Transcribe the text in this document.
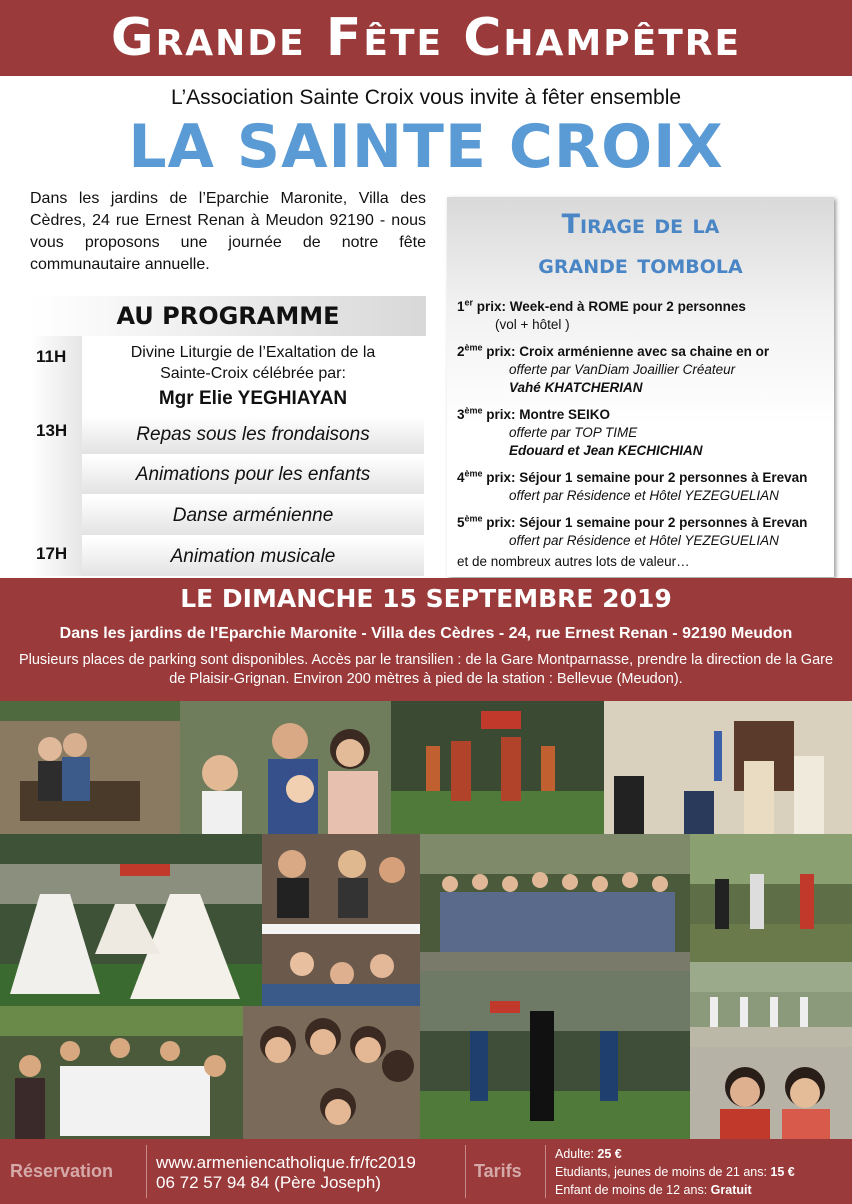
Grande Fête Champêtre
L’Association Sainte Croix vous invite à fêter ensemble
LA SAINTE CROIX
Dans les jardins de l’Eparchie Maronite, Villa des Cèdres, 24 rue Ernest Renan à Meudon 92190 - nous vous proposons une journée de notre fête communautaire annuelle.
AU PROGRAMME
11H
13H
17H
Divine Liturgie de l’Exaltation de la
Sainte-Croix célébrée par:
Mgr Elie YEGHIAYAN
Repas sous les frondaisons
Animations pour les enfants
Danse arménienne
Animation musicale
Tirage de la
grande tombola
1er prix: Week-end à ROME pour 2 personnes
(vol + hôtel )
2ème prix: Croix arménienne avec sa chaine en or
offerte par VanDiam Joaillier Créateur
Vahé KHATCHERIAN
3ème prix: Montre SEIKO
offerte par TOP TIME
Edouard et Jean KECHICHIAN
4ème prix: Séjour 1 semaine pour 2 personnes à Erevan
offert par Résidence et Hôtel YEZEGUELIAN
5ème prix: Séjour 1 semaine pour 2 personnes à Erevan
offert par Résidence et Hôtel YEZEGUELIAN
et de nombreux autres lots de valeur…
LE DIMANCHE 15 SEPTEMBRE 2019
Dans les jardins de l'Eparchie Maronite - Villa des Cèdres - 24, rue Ernest Renan - 92190 Meudon
Plusieurs places de parking sont disponibles. Accès par le transilien : de la Gare Montparnasse, prendre la direction de la Gare de Plaisir-Grignan. Environ 200 mètres à pied de la station : Bellevue (Meudon).
Réservation	www.armeniencatholique.fr/fc2019
06 72 57 94 84 (Père Joseph)
Tarifs
Adulte: 25 €
Etudiants, jeunes de moins de 21 ans: 15 €
Enfant de moins de 12 ans: Gratuit
